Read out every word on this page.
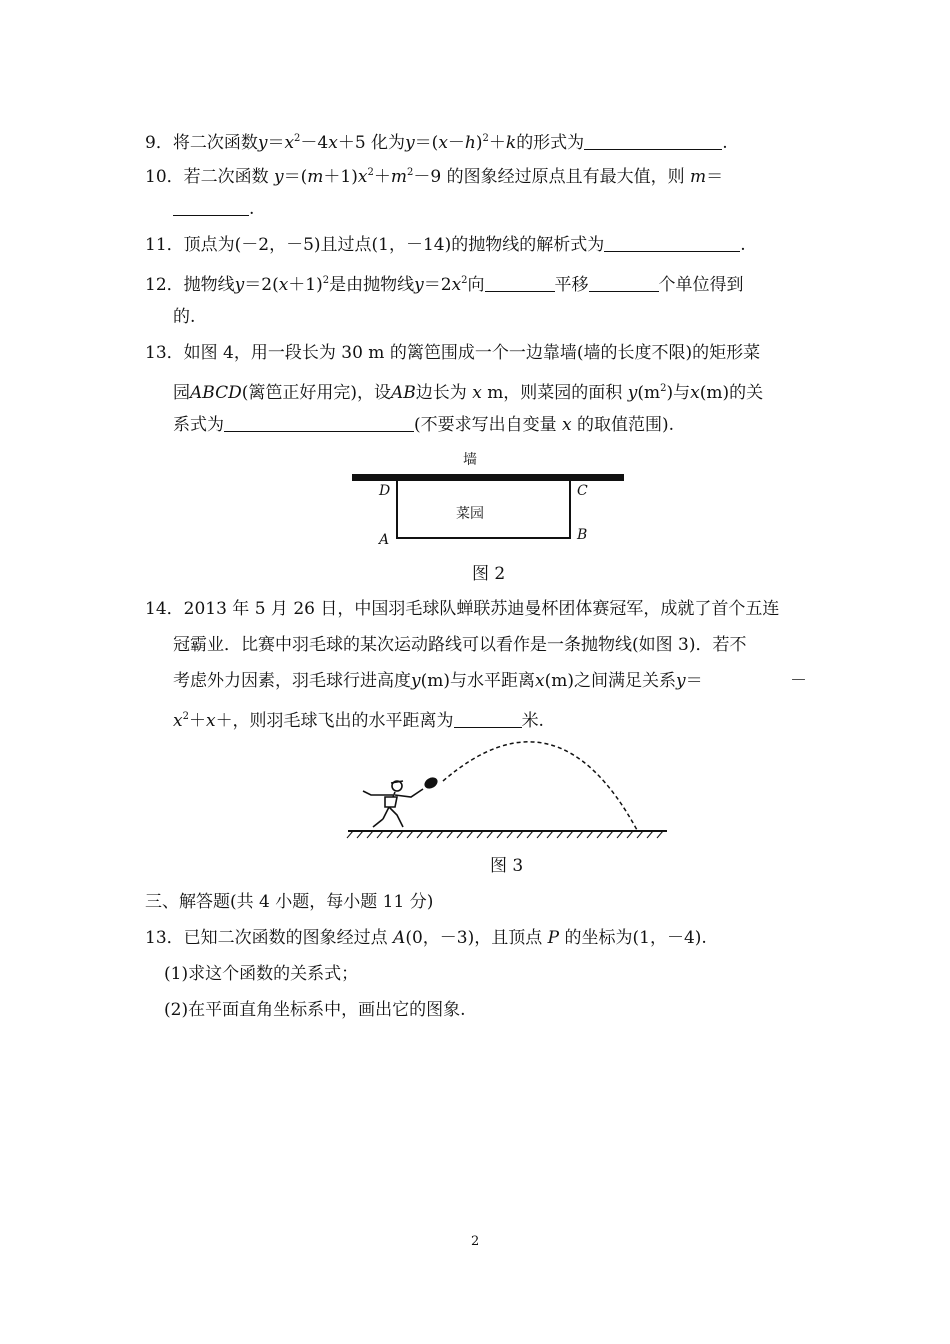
9．将二次函数$y=x^2-4x+5$ 化为$y=(x-h)^2+k$的形式为	.
10．若二次函数 $y=(m+1)x^2+m^2-9$ 的图象经过原点且有最大值，则 m＝
.
11．顶点为(－2，－5)且过点(1，－14)的抛物线的解析式为	.
12．抛物线$y=2(x+1)^2$是由抛物线$y=2x^2$向	平移	个单位得到
的.
13．如图 4，用一段长为 30 m 的篱笆围成一个一边靠墙(墙的长度不限)的矩形菜
园ABCD(篱笆正好用完)，设AB边长为 x m，则菜园的面积 $y(m^2)$与x(m)的关
系式为	(不要求写出自变量 x 的取值范围).
墙
菜园
D	C
A	B
图 2
14．2013 年 5 月 26 日，中国羽毛球队蝉联苏迪曼杯团体赛冠军，成就了首个五连
冠霸业．比赛中羽毛球的某次运动路线可以看作是一条抛物线(如图 3)．若不
考虑外力因素，羽毛球行进高度y(m)与水平距离x(m)之间满足关系y＝	－
$x^2+x+$，则羽毛球飞出的水平距离为	米.
图 3
三、解答题(共 4 小题，每小题 11 分)
13．已知二次函数的图象经过点 A(0，－3)，且顶点 P 的坐标为(1，－4).
(1)求这个函数的关系式；
(2)在平面直角坐标系中，画出它的图象.
2
